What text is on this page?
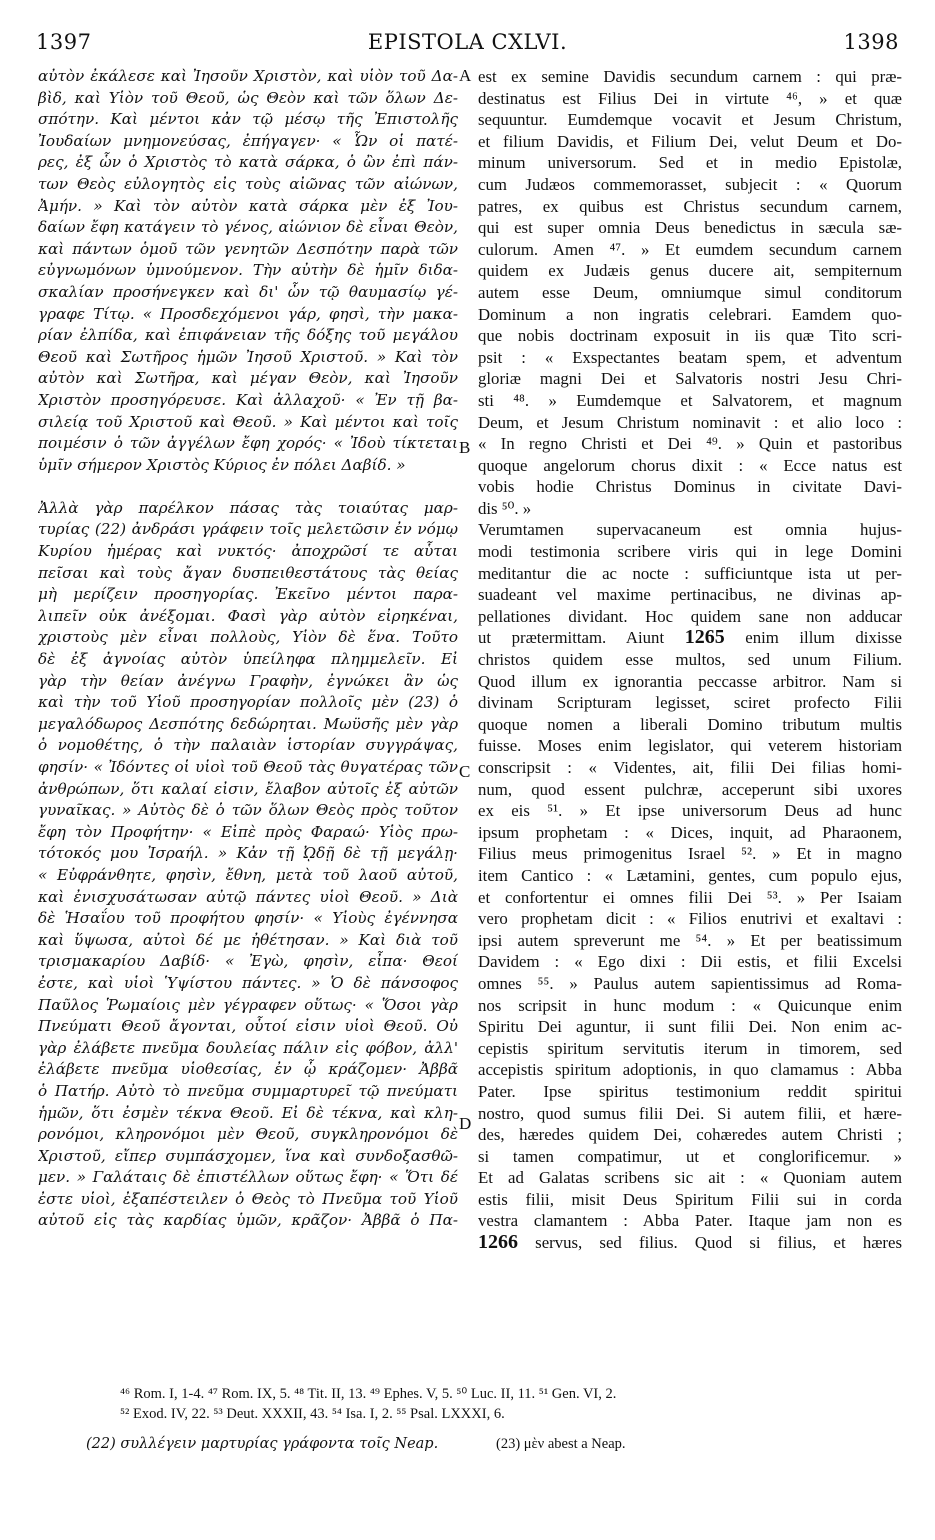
1397	EPISTOLA CXLVI.	1398
αὐτὸν ἐκάλεσε καὶ Ἰησοῦν Χριστὸν, καὶ υἱὸν τοῦ Δα-
βὶδ, καὶ Υἱὸν τοῦ Θεοῦ, ὡς Θεὸν καὶ τῶν ὅλων Δε-
σπότην. Καὶ μέντοι κἀν τῷ μέσῳ τῆς Ἐπιστολῆς
Ἰουδαίων μνημονεύσας, ἐπήγαγεν· « Ὧν οἱ πατέ-
ρες, ἐξ ὧν ὁ Χριστὸς τὸ κατὰ σάρκα, ὁ ὢν ἐπὶ πάν-
των Θεὸς εὐλογητὸς εἰς τοὺς αἰῶνας τῶν αἰώνων,
Ἀμήν. » Καὶ τὸν αὐτὸν κατὰ σάρκα μὲν ἐξ Ἰου-
δαίων ἔφη κατάγειν τὸ γένος, αἰώνιον δὲ εἶναι Θεὸν,
καὶ πάντων ὁμοῦ τῶν γενητῶν Δεσπότην παρὰ τῶν
εὐγνωμόνων ὑμνούμενον. Τὴν αὐτὴν δὲ ἡμῖν διδα-
σκαλίαν προσήνεγκεν καὶ δι' ὧν τῷ θαυμασίῳ γέ-
γραφε Τίτῳ. « Προσδεχόμενοι γάρ, φησὶ, τὴν μακα-
ρίαν ἐλπίδα, καὶ ἐπιφάνειαν τῆς δόξης τοῦ μεγάλου
Θεοῦ καὶ Σωτῆρος ἡμῶν Ἰησοῦ Χριστοῦ. » Καὶ τὸν
αὐτὸν καὶ Σωτῆρα, καὶ μέγαν Θεὸν, καὶ Ἰησοῦν
Χριστὸν προσηγόρευσε. Καὶ ἀλλαχοῦ· « Ἐν τῇ βα-
σιλείᾳ τοῦ Χριστοῦ καὶ Θεοῦ. » Καὶ μέντοι καὶ τοῖς
ποιμέσιν ὁ τῶν ἀγγέλων ἔφη χορός· « Ἰδοὺ τίκτεται
ὑμῖν σήμερον Χριστὸς Κύριος ἐν πόλει Δαβίδ. »
Ἀλλὰ γὰρ παρέλκον πάσας τὰς τοιαύτας μαρ-
τυρίας (22) ἀνδράσι γράφειν τοῖς μελετῶσιν ἐν νόμῳ
Κυρίου ἡμέρας καὶ νυκτός· ἀποχρῶσί τε αὗται
πεῖσαι καὶ τοὺς ἄγαν δυσπειθεστάτους τὰς θείας
μὴ μερίζειν προσηγορίας. Ἐκεῖνο μέντοι παρα-
λιπεῖν οὐκ ἀνέξομαι. Φασὶ γὰρ αὐτὸν εἰρηκέναι,
χριστοὺς μὲν εἶναι πολλοὺς, Υἱὸν δὲ ἕνα. Τοῦτο
δὲ ἐξ ἀγνοίας αὐτὸν ὑπείληφα πλημμελεῖν. Εἰ
γὰρ τὴν θείαν ἀνέγνω Γραφὴν, ἐγνώκει ἂν ὡς
καὶ τὴν τοῦ Υἱοῦ προσηγορίαν πολλοῖς μὲν (23) ὁ
μεγαλόδωρος Δεσπότης δεδώρηται. Μωϋσῆς μὲν γὰρ
ὁ νομοθέτης, ὁ τὴν παλαιὰν ἱστορίαν συγγράψας,
φησίν· « Ἰδόντες οἱ υἱοὶ τοῦ Θεοῦ τὰς θυγατέρας τῶν
ἀνθρώπων, ὅτι καλαί εἰσιν, ἔλαβον αὐτοῖς ἐξ αὐτῶν
γυναῖκας. » Αὐτὸς δὲ ὁ τῶν ὅλων Θεὸς πρὸς τοῦτον
ἔφη τὸν Προφήτην· « Εἰπὲ πρὸς Φαραώ· Υἱὸς πρω-
τότοκός μου Ἰσραήλ. » Κἀν τῇ ᾨδῇ δὲ τῇ μεγάλῃ·
« Εὐφράνθητε, φησὶν, ἔθνη, μετὰ τοῦ λαοῦ αὐτοῦ,
καὶ ἐνισχυσάτωσαν αὐτῷ πάντες υἱοὶ Θεοῦ. » Διὰ
δὲ Ἡσαΐου τοῦ προφήτου φησίν· « Υἱοὺς ἐγέννησα
καὶ ὕψωσα, αὐτοὶ δέ με ἠθέτησαν. » Καὶ διὰ τοῦ
τρισμακαρίου Δαβίδ· « Ἐγὼ, φησὶν, εἶπα· Θεοί
ἐστε, καὶ υἱοὶ Ὑψίστου πάντες. » Ὁ δὲ πάνσοφος
Παῦλος Ῥωμαίοις μὲν γέγραφεν οὕτως· « Ὅσοι γὰρ
Πνεύματι Θεοῦ ἄγονται, οὗτοί εἰσιν υἱοὶ Θεοῦ. Οὐ
γὰρ ἐλάβετε πνεῦμα δουλείας πάλιν εἰς φόβον, ἀλλ'
ἐλάβετε πνεῦμα υἱοθεσίας, ἐν ᾧ κράζομεν· Ἀββᾶ
ὁ Πατήρ. Αὐτὸ τὸ πνεῦμα συμμαρτυρεῖ τῷ πνεύματι
ἡμῶν, ὅτι ἐσμὲν τέκνα Θεοῦ. Εἰ δὲ τέκνα, καὶ κλη-
ρονόμοι, κληρονόμοι μὲν Θεοῦ, συγκληρονόμοι δὲ
Χριστοῦ, εἴπερ συμπάσχομεν, ἵνα καὶ συνδοξασθῶ-
μεν. » Γαλάταις δὲ ἐπιστέλλων οὕτως ἔφη· « Ὅτι δέ
ἐστε υἱοὶ, ἐξαπέστειλεν ὁ Θεὸς τὸ Πνεῦμα τοῦ Υἱοῦ
αὐτοῦ εἰς τὰς καρδίας ὑμῶν, κρᾶζον· Ἀββᾶ ὁ Πα-
est ex semine Davidis secundum carnem : qui præ-
destinatus est Filius Dei in virtute ⁴⁶, » et quæ
sequuntur. Eumdemque vocavit et Jesum Christum,
et filium Davidis, et Filium Dei, velut Deum et Do-
minum universorum. Sed et in medio Epistolæ,
cum Judæos commemorasset, subjecit : « Quorum
patres, ex quibus est Christus secundum carnem,
qui est super omnia Deus benedictus in sæcula sæ-
culorum. Amen ⁴⁷. » Et eumdem secundum carnem
quidem ex Judæis genus ducere ait, sempiternum
autem esse Deum, omniumque simul conditorum
Dominum a non ingratis celebrari. Eamdem quo-
que nobis doctrinam exposuit in iis quæ Tito scri-
psit : « Exspectantes beatam spem, et adventum
gloriæ magni Dei et Salvatoris nostri Jesu Chri-
sti ⁴⁸. » Eumdemque et Salvatorem, et magnum
Deum, et Jesum Christum nominavit : et alio loco :
« In regno Christi et Dei ⁴⁹. » Quin et pastoribus
quoque angelorum chorus dixit : « Ecce natus est
vobis hodie Christus Dominus in civitate Davi-
dis ⁵⁰. »
Verumtamen supervacaneum est omnia hujus-
modi testimonia scribere viris qui in lege Domini
meditantur die ac nocte : sufficiuntque ista ut per-
suadeant vel maxime pertinacibus, ne divinas ap-
pellationes dividant. Hoc quidem sane non adducar
ut prætermittam. Aiunt 1265 enim illum dixisse
christos quidem esse multos, sed unum Filium.
Quod illum ex ignorantia peccasse arbitror. Nam si
divinam Scripturam legisset, sciret profecto Filii
quoque nomen a liberali Domino tributum multis
fuisse. Moses enim legislator, qui veterem historiam
conscripsit : « Videntes, ait, filii Dei filias homi-
num, quod essent pulchræ, acceperunt sibi uxores
ex eis ⁵¹. » Et ipse universorum Deus ad hunc
ipsum prophetam : « Dices, inquit, ad Pharaonem,
Filius meus primogenitus Israel ⁵². » Et in magno
item Cantico : « Lætamini, gentes, cum populo ejus,
et confortentur ei omnes filii Dei ⁵³. » Per Isaiam
vero prophetam dicit : « Filios enutrivi et exaltavi :
ipsi autem spreverunt me ⁵⁴. » Et per beatissimum
Davidem : « Ego dixi : Dii estis, et filii Excelsi
omnes ⁵⁵. » Paulus autem sapientissimus ad Roma-
nos scripsit in hunc modum : « Quicunque enim
Spiritu Dei aguntur, ii sunt filii Dei. Non enim ac-
cepistis spiritum servitutis iterum in timorem, sed
accepistis spiritum adoptionis, in quo clamamus : Abba
Pater. Ipse spiritus testimonium reddit spiritui
nostro, quod sumus filii Dei. Si autem filii, et hære-
des, hæredes quidem Dei, cohæredes autem Christi ;
si tamen compatimur, ut et conglorificemur. »
Et ad Galatas scribens sic ait : « Quoniam autem
estis filii, misit Deus Spiritum Filii sui in corda
vestra clamantem : Abba Pater. Itaque jam non es
1266 servus, sed filius. Quod si filius, et hæres
A
B
C
D
⁴⁶ Rom. I, 1-4. ⁴⁷ Rom. IX, 5. ⁴⁸ Tit. II, 13. ⁴⁹ Ephes. V, 5. ⁵⁰ Luc. II, 11. ⁵¹ Gen. VI, 2.
⁵² Exod. IV, 22. ⁵³ Deut. XXXII, 43. ⁵⁴ Isa. I, 2. ⁵⁵ Psal. LXXXI, 6.
(22) συλλέγειν μαρτυρίας γράφοντα τοῖς Neap.	(23) μὲν abest a Neap.
